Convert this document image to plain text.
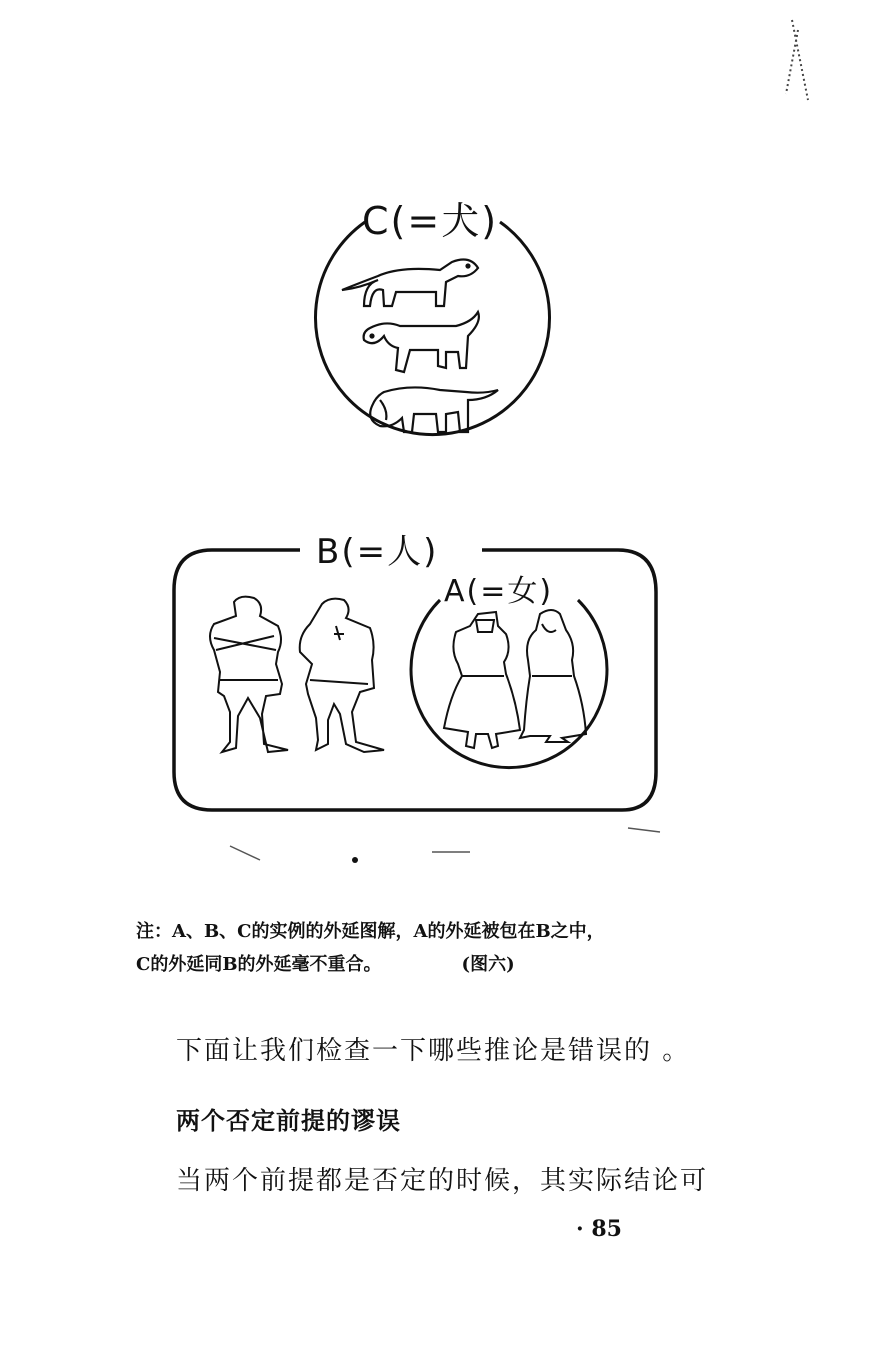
C(=犬)
B(=人)
A(=女)
注：A、B、C的实例的外延图解，A的外延被包在B之中，
C的外延同B的外延毫不重合。	(图六)
下面让我们检查一下哪些推论是错误的 。
两个否定前提的谬误
当两个前提都是否定的时候，其实际结论可
· 85
